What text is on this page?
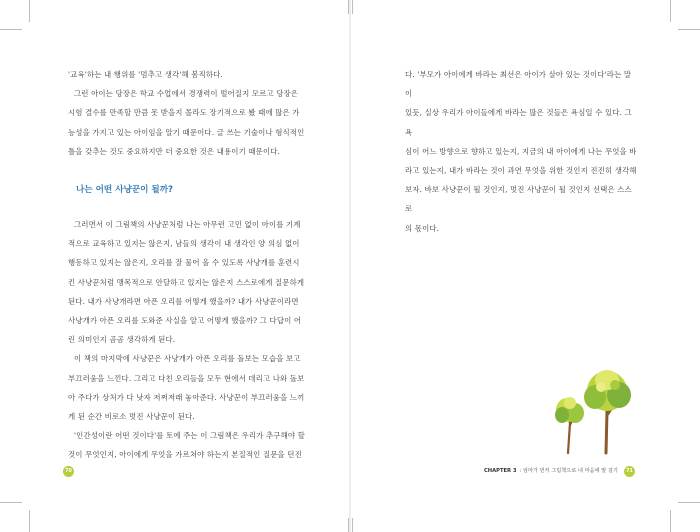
'교육'하는 내 행위를 '멈추고 생각'해 봄직하다.

그런 아이는 당장은 학교 수업에서 경쟁력이 떨어질지 모르고 당장은

시험 결수를 만족할 만큼 못 받을지 몰라도 장기적으로 봤 때에 많은 가

능성을 가지고 있는 아이임을 알기 때문이다. 글 쓰는 기술이나 형식적인

틀을 갖추는 것도 중요하지만 더 중요한 것은 내용이기 때문이다.

나는 어떤 사냥꾼이 될까?

그러면서 이 그림책의 사냥꾼처럼 나는 아무런 고민 없이 아이를 기계

적으로 교육하고 있지는 않은지, 남들의 생각이 내 생각인 양 의심 없이

행동하고 있지는 않은지, 오리를 잘 물어 올 수 있도록 사냥개를 훈련시

킨 사냥꾼처럼 맹목적으로 안달하고 있지는 않은지 스스로에게 질문하게

된다. 내가 사냥개라면 아픈 오리를 어떻게 했을까? 내가 사냥꾼이라면

사냥개가 아픈 오리를 도와준 사실을 알고 어떻게 했을까? 그 다답이 어

린 의미인지 곰곰 생각하게 된다.

이 책의 마지막에 사냥꾼은 사냥개가 아픈 오리를 돌보는 모습을 보고

부끄러움을 느낀다. 그리고 다친 오리들을 모두 현에서 데리고 나와 돌보

아 주다가 상처가 다 낫자 저쩌저래 놓아준다. 사냥꾼이 부끄러움을 느끼

게 된 순간 비로소 멋진 사냥꾼이 된다.

'인간성이란 어떤 것이다'를 토에 주는 이 그림책은 우리가 추구해야 할

것이 무엇인지, 아이에게 무엇을 가르쳐야 하는지 본질적인 질문을 던진

70

다. '부모가 아이에게 바라는 최선은 아이가 살아 있는 것이다'라는 말이

있듯, 실상 우리가 아이들에게 바라는 많은 것들은 욕심일 수 있다. 그 욕

심이 어느 방향으로 향하고 있는지, 지금의 내 아이에게 나는 무엇을 바

라고 있는지, 내가 바라는 것이 과연 무엇을 위한 것인지 진진히 생각해

보자. 바보 사냥꾼이 될 것인지, 멋진 사냥꾼이 될 것인지 선택은 스스로

의 몫이다.

CHAPTER 3 : 엄마가 먼저 그림책으로 내 마음에 말 걸기	71
